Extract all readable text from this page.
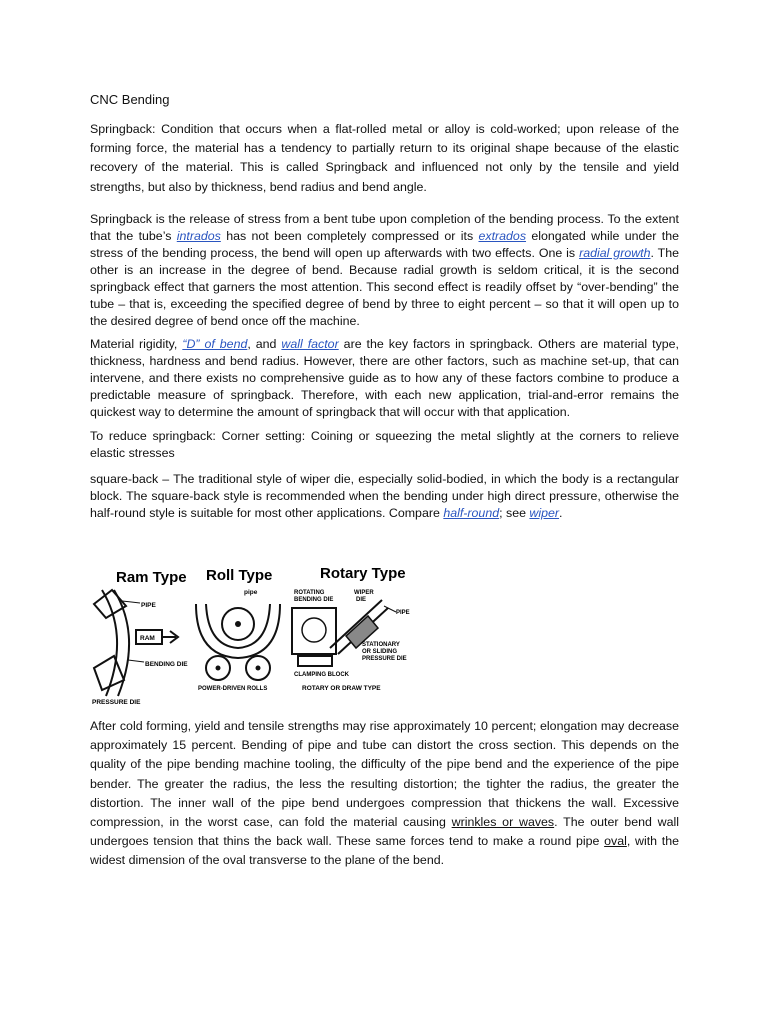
CNC Bending

Springback: Condition that occurs when a flat-rolled metal or alloy is cold-worked; upon release of the forming force, the material has a tendency to partially return to its original shape because of the elastic recovery of the material. This is called Springback and influenced not only by the tensile and yield strengths, but also by thickness, bend radius and bend angle.

Springback is the release of stress from a bent tube upon completion of the bending process. To the extent that the tube’s intrados has not been completely compressed or its extrados elongated while under the stress of the bending process, the bend will open up afterwards with two effects. One is radial growth. The other is an increase in the degree of bend. Because radial growth is seldom critical, it is the second springback effect that garners the most attention. This second effect is readily offset by “over-bending” the tube – that is, exceeding the specified degree of bend by three to eight percent – so that it will open up to the desired degree of bend once off the machine.

Material rigidity, “D” of bend, and wall factor are the key factors in springback. Others are material type, thickness, hardness and bend radius. However, there are other factors, such as machine set-up, that can intervene, and there exists no comprehensive guide as to how any of these factors combine to produce a predictable measure of springback. Therefore, with each new application, trial-and-error remains the quickest way to determine the amount of springback that will occur with that application.

To reduce springback: Corner setting: Coining or squeezing the metal slightly at the corners to relieve elastic stresses

square-back – The traditional style of wiper die, especially solid-bodied, in which the body is a rectangular block. The square-back style is recommended when the bending under high direct pressure, otherwise the half-round style is suitable for most other applications. Compare half-round; see wiper.

Ram Type
PIPE
RAM
BENDING DIE
PRESSURE DIE
Roll Type
pipe
POWER-DRIVEN ROLLS
Rotary Type
ROTATING
BENDING DIE
WIPER
DIE
PIPE
STATIONARY
OR SLIDING
PRESSURE DIE
CLAMPING BLOCK
ROTARY OR DRAW TYPE

After cold forming, yield and tensile strengths may rise approximately 10 percent; elongation may decrease approximately 15 percent. Bending of pipe and tube can distort the cross section. This depends on the quality of the pipe bending machine tooling, the difficulty of the pipe bend and the experience of the pipe bender. The greater the radius, the less the resulting distortion; the tighter the radius, the greater the distortion. The inner wall of the pipe bend undergoes compression that thickens the wall. Excessive compression, in the worst case, can fold the material causing wrinkles or waves. The outer bend wall undergoes tension that thins the back wall. These same forces tend to make a round pipe oval, with the widest dimension of the oval transverse to the plane of the bend.
